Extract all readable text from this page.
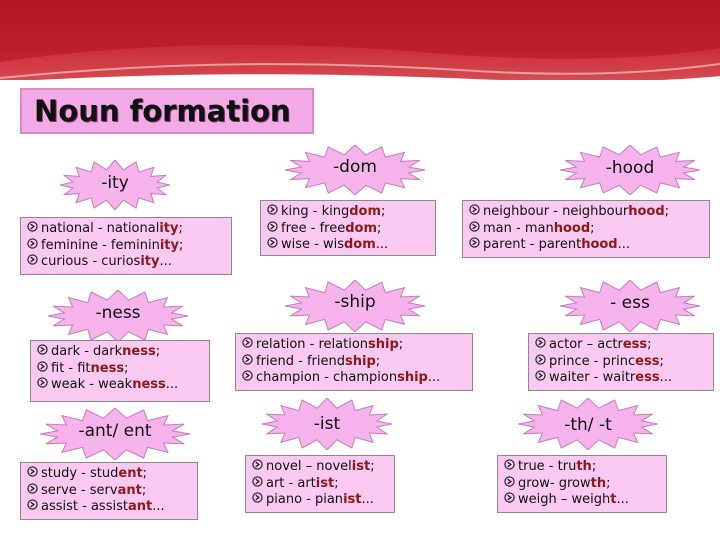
Noun formation
-ity
national - nationality;
feminine - femininity;
curious - curiosity...
-dom
king - kingdom;
free - freedom;
wise - wisdom...
-hood
neighbour - neighbourhood;
man - manhood;
parent - parenthood...
-ness
dark - darkness;
fit - fitness;
weak - weakness...
-ship
relation - relationship;
friend - friendship;
champion - championship...
- ess
actor – actress;
prince - princess;
waiter - waitress...
-ant/ ent
study - student;
serve - servant;
assist - assistant...
-ist
novel – novelist;
art - artist;
piano - pianist...
-th/ -t
true - truth;
grow- growth;
weigh – weight...
